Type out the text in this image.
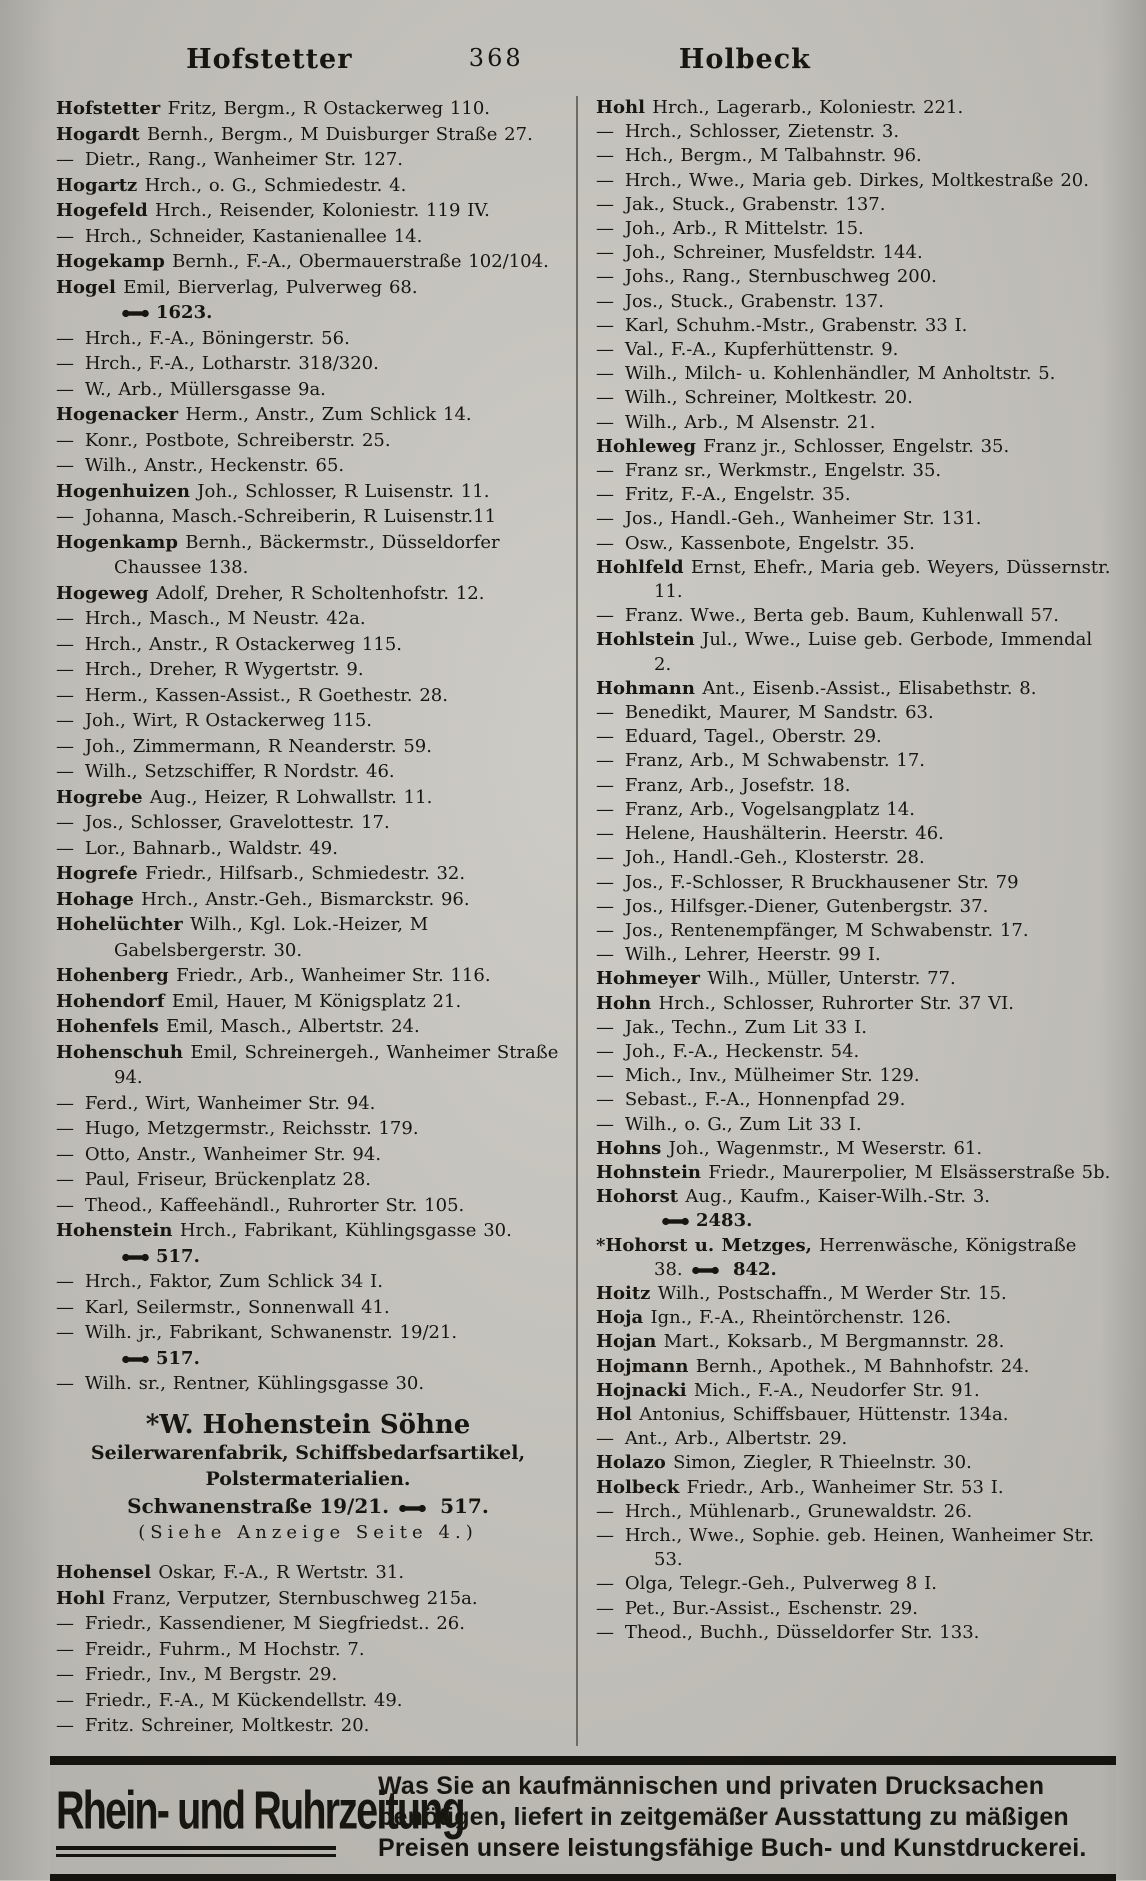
Hofstetter	368	Holbeck
Hofstetter Fritz, Bergm., R Ostackerweg 110.
Hogardt Bernh., Bergm., M Duisburger Straße 27.
— Dietr., Rang., Wanheimer Str. 127.
Hogartz Hrch., o. G., Schmiedestr. 4.
Hogefeld Hrch., Reisender, Koloniestr. 119 IV.
— Hrch., Schneider, Kastanienallee 14.
Hogekamp Bernh., F.-A., Obermauerstraße 102/104.
Hogel Emil, Bierverlag, Pulverweg 68.
1623.
— Hrch., F.-A., Böningerstr. 56.
— Hrch., F.-A., Lotharstr. 318/320.
— W., Arb., Müllersgasse 9a.
Hogenacker Herm., Anstr., Zum Schlick 14.
— Konr., Postbote, Schreiberstr. 25.
— Wilh., Anstr., Heckenstr. 65.
Hogenhuizen Joh., Schlosser, R Luisenstr. 11.
— Johanna, Masch.-Schreiberin, R Luisenstr.11
Hogenkamp Bernh., Bäckermstr., Düsseldorfer Chaussee 138.
Hogeweg Adolf, Dreher, R Scholtenhofstr. 12.
— Hrch., Masch., M Neustr. 42a.
— Hrch., Anstr., R Ostackerweg 115.
— Hrch., Dreher, R Wygertstr. 9.
— Herm., Kassen-Assist., R Goethestr. 28.
— Joh., Wirt, R Ostackerweg 115.
— Joh., Zimmermann, R Neanderstr. 59.
— Wilh., Setzschiffer, R Nordstr. 46.
Hogrebe Aug., Heizer, R Lohwallstr. 11.
— Jos., Schlosser, Gravelottestr. 17.
— Lor., Bahnarb., Waldstr. 49.
Hogrefe Friedr., Hilfsarb., Schmiedestr. 32.
Hohage Hrch., Anstr.-Geh., Bismarckstr. 96.
Hohelüchter Wilh., Kgl. Lok.-Heizer, M Gabelsbergerstr. 30.
Hohenberg Friedr., Arb., Wanheimer Str. 116.
Hohendorf Emil, Hauer, M Königsplatz 21.
Hohenfels Emil, Masch., Albertstr. 24.
Hohenschuh Emil, Schreinergeh., Wanheimer Straße 94.
— Ferd., Wirt, Wanheimer Str. 94.
— Hugo, Metzgermstr., Reichsstr. 179.
— Otto, Anstr., Wanheimer Str. 94.
— Paul, Friseur, Brückenplatz 28.
— Theod., Kaffeehändl., Ruhrorter Str. 105.
Hohenstein Hrch., Fabrikant, Kühlingsgasse 30.
517.
— Hrch., Faktor, Zum Schlick 34 I.
— Karl, Seilermstr., Sonnenwall 41.
— Wilh. jr., Fabrikant, Schwanenstr. 19/21.
517.
— Wilh. sr., Rentner, Kühlingsgasse 30.
*W. Hohenstein Söhne
Seilerwarenfabrik, Schiffsbedarfsartikel,
Polstermaterialien.
Schwanenstraße 19/21. 
517.
(Siehe Anzeige Seite 4.)
Hohensel Oskar, F.-A., R Wertstr. 31.
Hohl Franz, Verputzer, Sternbuschweg 215a.
— Friedr., Kassendiener, M Siegfriedst.. 26.
— Freidr., Fuhrm., M Hochstr. 7.
— Friedr., Inv., M Bergstr. 29.
— Friedr., F.-A., M Kückendellstr. 49.
— Fritz. Schreiner, Moltkestr. 20.
Hohl Hrch., Lagerarb., Koloniestr. 221.
— Hrch., Schlosser, Zietenstr. 3.
— Hch., Bergm., M Talbahnstr. 96.
— Hrch., Wwe., Maria geb. Dirkes, Moltkestraße 20.
— Jak., Stuck., Grabenstr. 137.
— Joh., Arb., R Mittelstr. 15.
— Joh., Schreiner, Musfeldstr. 144.
— Johs., Rang., Sternbuschweg 200.
— Jos., Stuck., Grabenstr. 137.
— Karl, Schuhm.-Mstr., Grabenstr. 33 I.
— Val., F.-A., Kupferhüttenstr. 9.
— Wilh., Milch- u. Kohlenhändler, M Anholtstr. 5.
— Wilh., Schreiner, Moltkestr. 20.
— Wilh., Arb., M Alsenstr. 21.
Hohleweg Franz jr., Schlosser, Engelstr. 35.
— Franz sr., Werkmstr., Engelstr. 35.
— Fritz, F.-A., Engelstr. 35.
— Jos., Handl.-Geh., Wanheimer Str. 131.
— Osw., Kassenbote, Engelstr. 35.
Hohlfeld Ernst, Ehefr., Maria geb. Weyers, Düssernstr. 11.
— Franz. Wwe., Berta geb. Baum, Kuhlenwall 57.
Hohlstein Jul., Wwe., Luise geb. Gerbode, Immendal 2.
Hohmann Ant., Eisenb.-Assist., Elisabethstr. 8.
— Benedikt, Maurer, M Sandstr. 63.
— Eduard, Tagel., Oberstr. 29.
— Franz, Arb., M Schwabenstr. 17.
— Franz, Arb., Josefstr. 18.
— Franz, Arb., Vogelsangplatz 14.
— Helene, Haushälterin. Heerstr. 46.
— Joh., Handl.-Geh., Klosterstr. 28.
— Jos., F.-Schlosser, R Bruckhausener Str. 79
— Jos., Hilfsger.-Diener, Gutenbergstr. 37.
— Jos., Rentenempfänger, M Schwabenstr. 17.
— Wilh., Lehrer, Heerstr. 99 I.
Hohmeyer Wilh., Müller, Unterstr. 77.
Hohn Hrch., Schlosser, Ruhrorter Str. 37 VI.
— Jak., Techn., Zum Lit 33 I.
— Joh., F.-A., Heckenstr. 54.
— Mich., Inv., Mülheimer Str. 129.
— Sebast., F.-A., Honnenpfad 29.
— Wilh., o. G., Zum Lit 33 I.
Hohns Joh., Wagenmstr., M Weserstr. 61.
Hohnstein Friedr., Maurerpolier, M Elsässerstraße 5b.
Hohorst Aug., Kaufm., Kaiser-Wilh.-Str. 3.
2483.
*Hohorst u. Metzges, Herrenwäsche, Königstraße 38. 
842.
Hoitz Wilh., Postschaffn., M Werder Str. 15.
Hoja Ign., F.-A., Rheintörchenstr. 126.
Hojan Mart., Koksarb., M Bergmannstr. 28.
Hojmann Bernh., Apothek., M Bahnhofstr. 24.
Hojnacki Mich., F.-A., Neudorfer Str. 91.
Hol Antonius, Schiffsbauer, Hüttenstr. 134a.
— Ant., Arb., Albertstr. 29.
Holazo Simon, Ziegler, R Thieelnstr. 30.
Holbeck Friedr., Arb., Wanheimer Str. 53 I.
— Hrch., Mühlenarb., Grunewaldstr. 26.
— Hrch., Wwe., Sophie. geb. Heinen, Wanheimer Str. 53.
— Olga, Telegr.-Geh., Pulverweg 8 I.
— Pet., Bur.-Assist., Eschenstr. 29.
— Theod., Buchh., Düsseldorfer Str. 133.
Rhein- und Ruhrzeitung
Was Sie an kaufmännischen und privaten Drucksachen benötigen, liefert in zeitgemäßer Ausstattung zu mäßigen Preisen unsere leistungsfähige Buch- und Kunstdruckerei.
